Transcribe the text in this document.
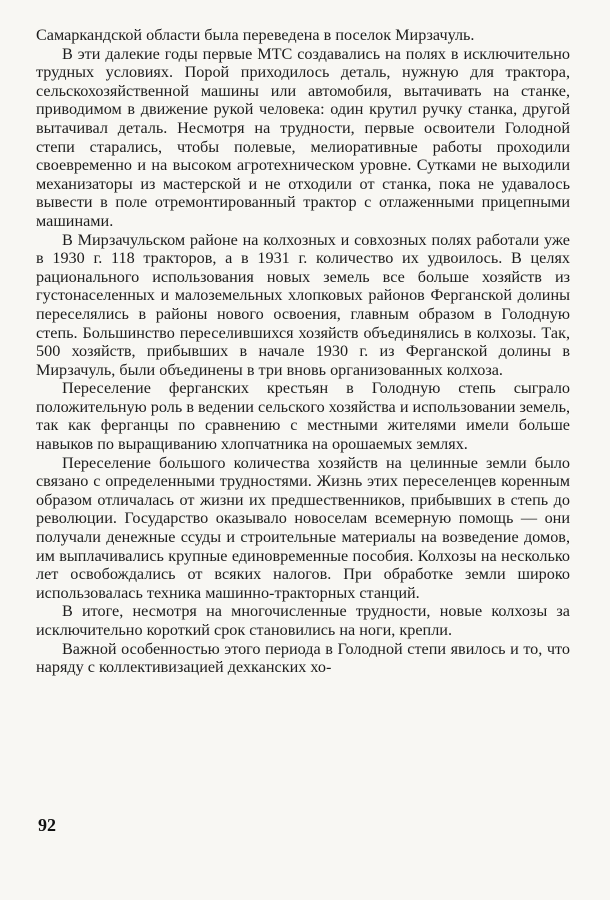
Самаркандской области была переведена в поселок Мирзачуль.

В эти далекие годы первые МТС создавались на полях в исключительно трудных условиях. Порой приходилось деталь, нужную для трактора, сельскохозяйственной машины или автомобиля, вытачивать на станке, приводимом в движение рукой человека: один крутил ручку станка, другой вытачивал деталь. Несмотря на трудности, первые освоители Голодной степи старались, чтобы полевые, мелиоративные работы проходили своевременно и на высоком агротехническом уровне. Сутками не выходили механизаторы из мастерской и не отходили от станка, пока не удавалось вывести в поле отремонтированный трактор с отлаженными прицепными машинами.

В Мирзачульском районе на колхозных и совхозных полях работали уже в 1930 г. 118 тракторов, а в 1931 г. количество их удвоилось. В целях рационального использования новых земель все больше хозяйств из густонаселенных и малоземельных хлопковых районов Ферганской долины переселялись в районы нового освоения, главным образом в Голодную степь. Большинство переселившихся хозяйств объединялись в колхозы. Так, 500 хозяйств, прибывших в начале 1930 г. из Ферганской долины в Мирзачуль, были объединены в три вновь организованных колхоза.

Переселение ферганских крестьян в Голодную степь сыграло положительную роль в ведении сельского хозяйства и использовании земель, так как ферганцы по сравнению с местными жителями имели больше навыков по выращиванию хлопчатника на орошаемых землях.

Переселение большого количества хозяйств на целинные земли было связано с определенными трудностями. Жизнь этих переселенцев коренным образом отличалась от жизни их предшественников, прибывших в степь до революции. Государство оказывало новоселам всемерную помощь — они получали денежные ссуды и строительные материалы на возведение домов, им выплачивались крупные единовременные пособия. Колхозы на несколько лет освобождались от всяких налогов. При обработке земли широко использовалась техника машинно-тракторных станций.

В итоге, несмотря на многочисленные трудности, новые колхозы за исключительно короткий срок становились на ноги, крепли.

Важной особенностью этого периода в Голодной степи явилось и то, что наряду с коллективизацией дехканских хо-

92
